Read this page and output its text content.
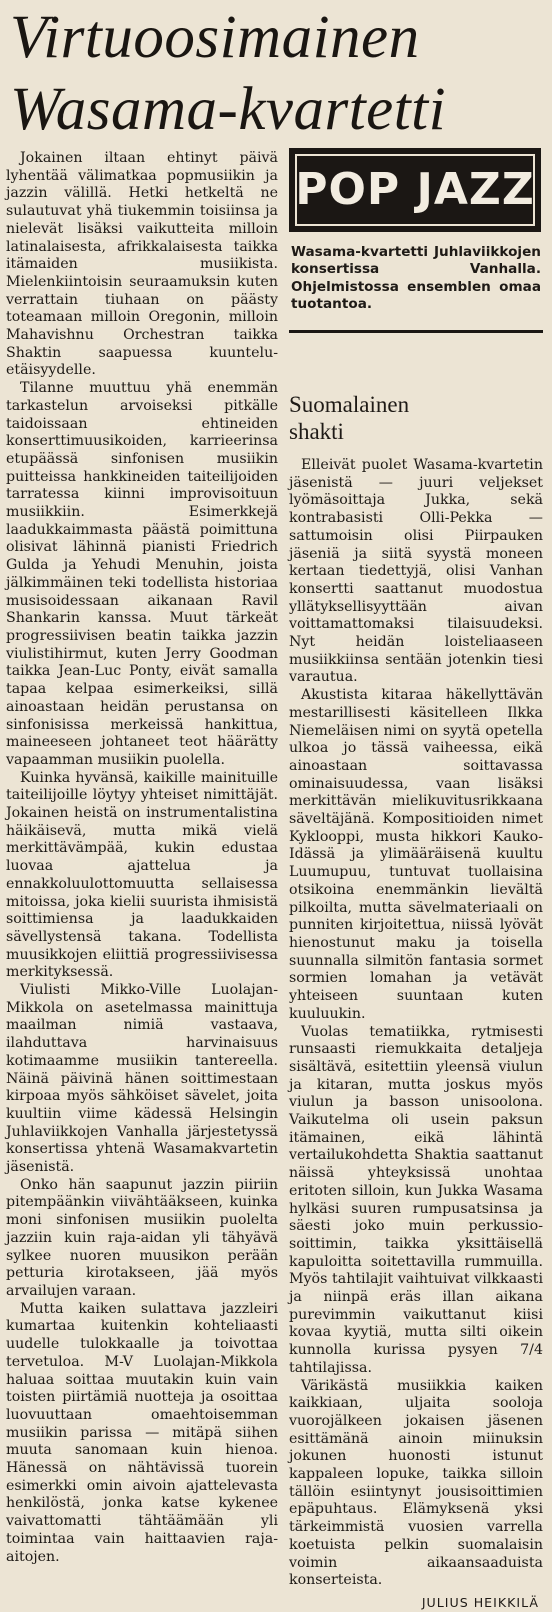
Virtuoosimainen
Wasama-kvartetti

Jokainen iltaan ehtinyt päivä lyhentää välimatkaa popmusiikin ja jazzin välillä. Hetki hetkeltä ne sulautuvat yhä tiukemmin toisiinsa ja nielevät lisäksi vaikutteita milloin latinalaisesta, afrikkalaisesta taikka itämaiden musiikista. Mielenkiintoisin seuraamuksin kuten verrattain tiuhaan on päästy toteamaan milloin Oregonin, milloin Mahavishnu Orchestran taikka Shaktin saapuessa kuuntelu-etäisyydelle.

Tilanne muuttuu yhä enemmän tarkastelun arvoiseksi pitkälle taidoissaan ehtineiden konserttimuusikoiden, karrieerinsa etupäässä sinfonisen musiikin puitteissa hankkineiden taiteilijoiden tarratessa kiinni improvisoituun musiikkiin. Esimerkkejä laadukkaimmasta päästä poimittuna olisivat lähinnä pianisti Friedrich Gulda ja Yehudi Menuhin, joista jälkimmäinen teki todellista historiaa musisoidessaan aikanaan Ravil Shankarin kanssa. Muut tärkeät progressiivisen beatin taikka jazzin viulistihirmut, kuten Jerry Goodman taikka Jean-Luc Ponty, eivät samalla tapaa kelpaa esimerkeiksi, sillä ainoastaan heidän perustansa on sinfonisissa merkeissä hankittua, maineeseen johtaneet teot häärätty vapaamman musiikin puolella.

Kuinka hyvänsä, kaikille mainituille taiteilijoille löytyy yhteiset nimittäjät. Jokainen heistä on instrumentalistina häikäisevä, mutta mikä vielä merkittävämpää, kukin edustaa luovaa ajattelua ja ennakkoluulottomuutta sellaisessa mitoissa, joka kielii suurista ihmisistä soittimiensa ja laadukkaiden sävellystensä takana. Todellista muusikkojen eliittiä progressiivisessa merkityksessä.

Viulisti Mikko-Ville Luolajan-Mikkola on asetelmassa mainittuja maailman nimiä vastaava, ilahduttava harvinaisuus kotimaamme musiikin tantereella. Näinä päivinä hänen soittimestaan kirpoaa myös sähköiset sävelet, joita kuultiin viime kädessä Helsingin Juhlaviikkojen Vanhalla järjestetyssä konsertissa yhtenä Wasamakvartetin jäsenistä.

Onko hän saapunut jazzin piiriin pitempäänkin viivähtääkseen, kuinka moni sinfonisen musiikin puolelta jazziin kuin raja-aidan yli tähyävä sylkee nuoren muusikon perään petturia kirotakseen, jää myös arvailujen varaan.

Mutta kaiken sulattava jazzleiri kumartaa kuitenkin kohteliaasti uudelle tulokkaalle ja toivottaa tervetuloa. M-V Luolajan-Mikkola haluaa soittaa muutakin kuin vain toisten piirtämiä nuotteja ja osoittaa luovuuttaan omaehtoisemman musiikin parissa — mitäpä siihen muuta sanomaan kuin hienoa. Hänessä on nähtävissä tuorein esimerkki omin aivoin ajattelevasta henkilöstä, jonka katse kykenee vaivattomatti tähtäämään yli toimintaa vain haittaavien raja-aitojen.

POP JAZZ
Wasama-kvartetti Juhlaviikkojen konsertissa Vanhalla. Ohjelmistossa ensemblen omaa tuotantoa.
Suomalainen
shakti

Elleivät puolet Wasama-kvartetin jäsenistä — juuri veljekset lyömäsoittaja Jukka, sekä kontrabasisti Olli-Pekka — sattumoisin olisi Piirpauken jäseniä ja siitä syystä moneen kertaan tiedettyjä, olisi Vanhan konsertti saattanut muodostua yllätyksellisyyttään aivan voittamattomaksi tilaisuudeksi. Nyt heidän loisteliaaseen musiikkiinsa sentään jotenkin tiesi varautua.

Akustista kitaraa häkellyttävän mestarillisesti käsitelleen Ilkka Niemeläisen nimi on syytä opetella ulkoa jo tässä vaiheessa, eikä ainoastaan soittavassa ominaisuudessa, vaan lisäksi merkittävän mielikuvitusrikkaana säveltäjänä. Kompositioiden nimet Kyklooppi, musta hikkori Kauko-Idässä ja ylimääräisenä kuultu Luumupuu, tuntuvat tuollaisina otsikoina enemmänkin lievältä pilkoilta, mutta sävelmateriaali on punniten kirjoitettua, niissä lyövät hienostunut maku ja toisella suunnalla silmitön fantasia sormet sormien lomahan ja vetävät yhteiseen suuntaan kuten kuuluukin.

Vuolas tematiikka, rytmisesti runsaasti riemukkaita detaljeja sisältävä, esitettiin yleensä viulun ja kitaran, mutta joskus myös viulun ja basson unisoolona. Vaikutelma oli usein paksun itämainen, eikä lähintä vertailukohdetta Shaktia saattanut näissä yhteyksissä unohtaa eritoten silloin, kun Jukka Wasama hylkäsi suuren rumpusatsinsa ja säesti joko muin perkussio-soittimin, taikka yksittäisellä kapuloitta soitettavilla rummuilla. Myös tahtilajit vaihtuivat vilkkaasti ja niinpä eräs illan aikana purevimmin vaikuttanut kiisi kovaa kyytiä, mutta silti oikein kunnolla kurissa pysyen 7/4 tahtilajissa.

Värikästä musiikkia kaiken kaikkiaan, uljaita sooloja vuorojälkeen jokaisen jäsenen esittämänä ainoin miinuksin jokunen huonosti istunut kappaleen lopuke, taikka silloin tällöin esiintynyt jousisoittimien epäpuhtaus. Elämyksenä yksi tärkeimmistä vuosien varrella koetuista pelkin suomalaisin voimin aikaansaaduista konserteista.

JULIUS HEIKKILÄ
